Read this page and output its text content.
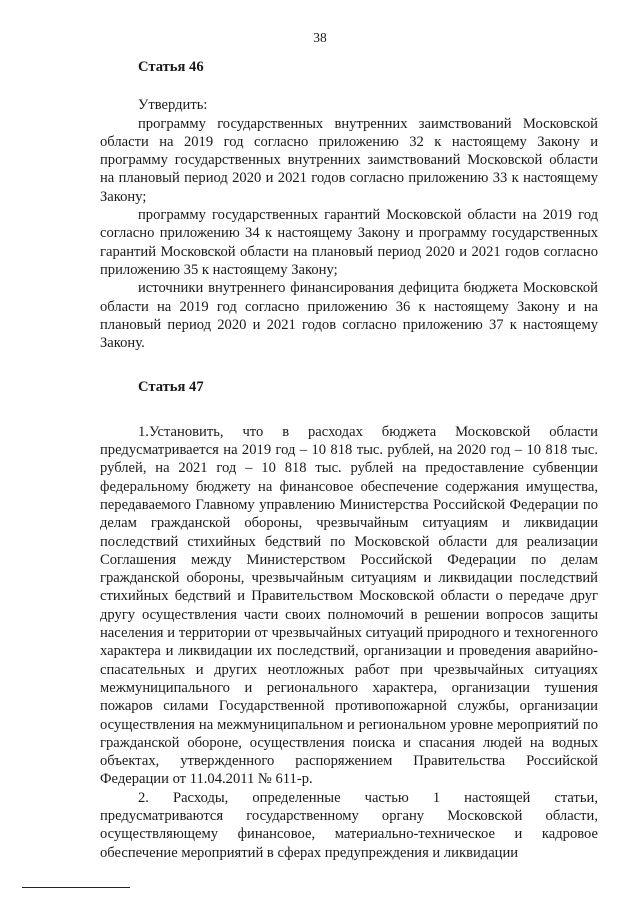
38
Статья 46

Утвердить:

программу государственных внутренних заимствований Московской области на 2019 год согласно приложению 32 к настоящему Закону и программу государственных внутренних заимствований Московской области на плановый период 2020 и 2021 годов согласно приложению 33 к настоящему Закону;

программу государственных гарантий Московской области на 2019 год согласно приложению 34 к настоящему Закону и программу государственных гарантий Московской области на плановый период 2020 и 2021 годов согласно приложению 35 к настоящему Закону;

источники внутреннего финансирования дефицита бюджета Московской области на 2019 год согласно приложению 36 к настоящему Закону и на плановый период 2020 и 2021 годов согласно приложению 37 к настоящему Закону.

Статья 47

1.Установить, что в расходах бюджета Московской области предусматривается на 2019 год – 10 818 тыс. рублей, на 2020 год – 10 818 тыс. рублей, на 2021 год – 10 818 тыс. рублей на предоставление субвенции федеральному бюджету на финансовое обеспечение содержания имущества, передаваемого Главному управлению Министерства Российской Федерации по делам гражданской обороны, чрезвычайным ситуациям и ликвидации последствий стихийных бедствий по Московской области для реализации Соглашения между Министерством Российской Федерации по делам гражданской обороны, чрезвычайным ситуациям и ликвидации последствий стихийных бедствий и Правительством Московской области о передаче друг другу осуществления части своих полномочий в решении вопросов защиты населения и территории от чрезвычайных ситуаций природного и техногенного характера и ликвидации их последствий, организации и проведения аварийно-спасательных и других неотложных работ при чрезвычайных ситуациях межмуниципального и регионального характера, организации тушения пожаров силами Государственной противопожарной службы, организации осуществления на межмуниципальном и региональном уровне мероприятий по гражданской обороне, осуществления поиска и спасания людей на водных объектах, утвержденного распоряжением Правительства Российской Федерации от 11.04.2011 № 611-р.

2. Расходы, определенные частью 1 настоящей статьи, предусматриваются государственному органу Московской области, осуществляющему финансовое, материально-техническое и кадровое обеспечение мероприятий в сферах предупреждения и ликвидации
